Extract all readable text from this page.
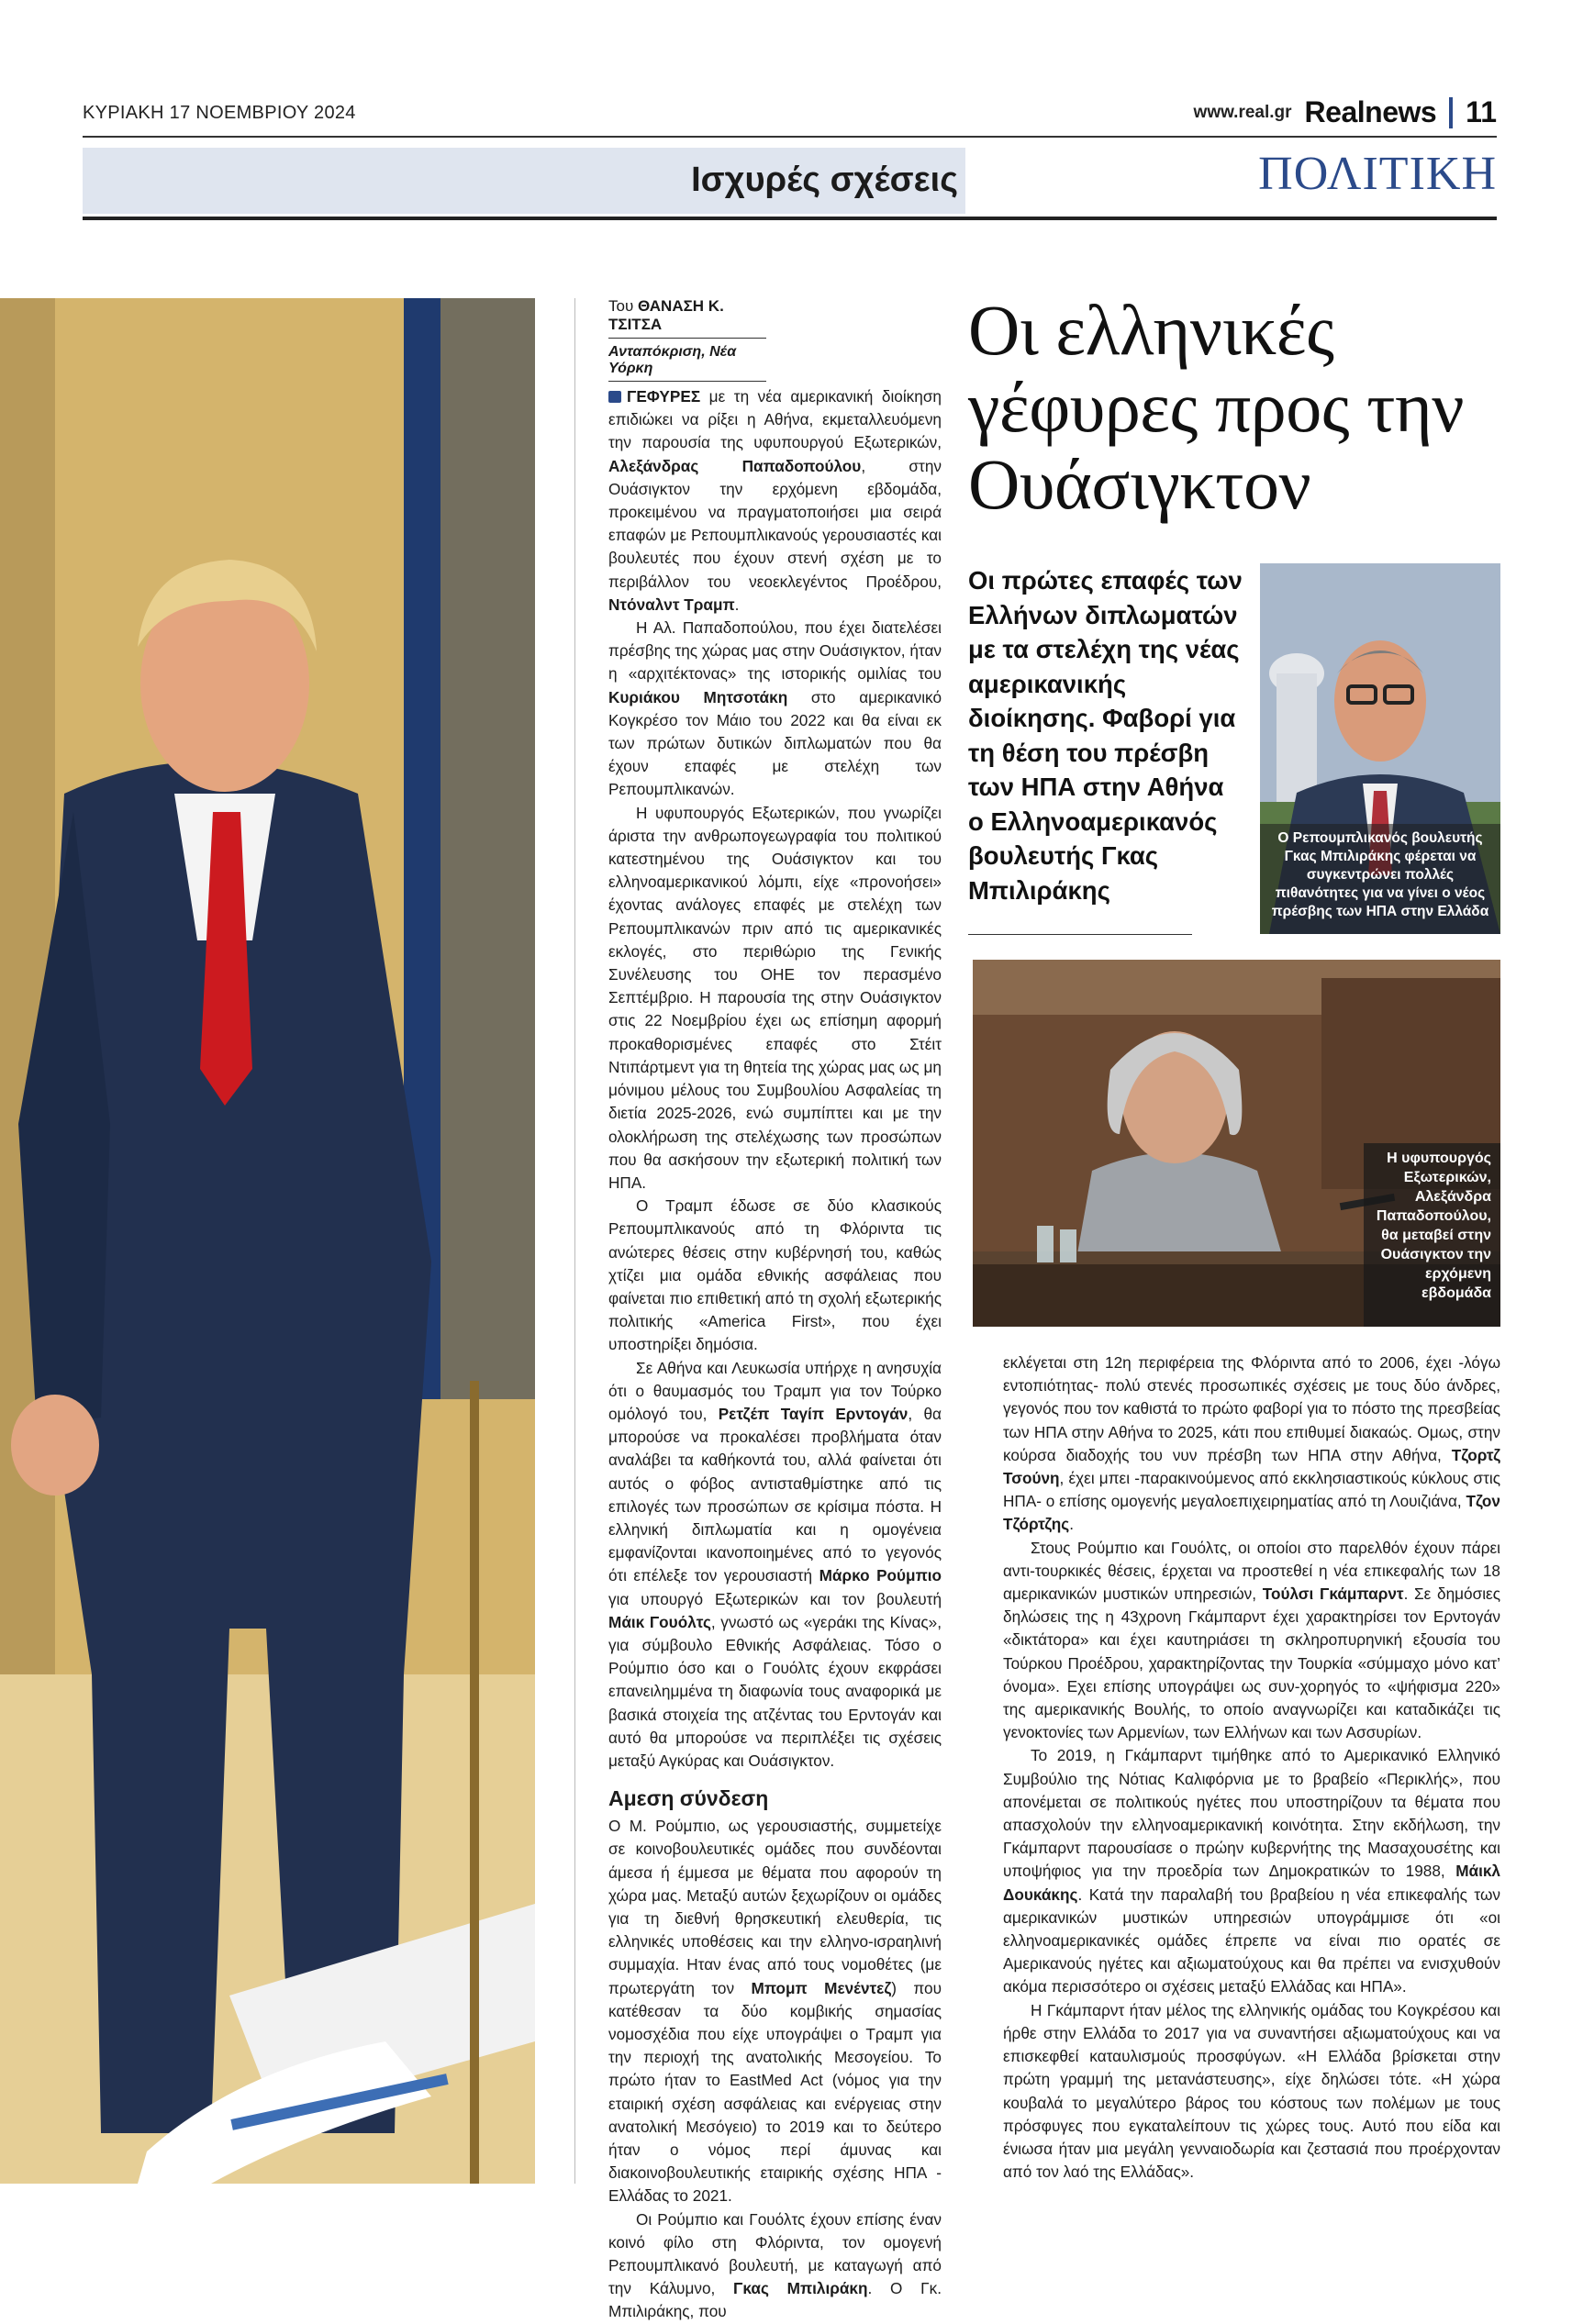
ΚΥΡΙΑΚΗ 17 ΝΟΕΜΒΡΙΟΥ 2024	www.real.gr Realnews 11
Ισχυρές σχέσεις	ΠΟΛΙΤΙΚΗ
Του ΘΑΝΑΣΗ Κ. ΤΣΙΤΣΑ
Ανταπόκριση, Νέα Υόρκη

ΓΕΦΥΡΕΣ με τη νέα αμερικανική διοίκηση επιδιώκει να ρίξει η Αθήνα, εκμεταλλευόμενη την παρουσία της υφυπουργού Εξωτερικών, Αλεξάνδρας Παπαδοπούλου, στην Ουάσιγκτον την ερχόμενη εβδομάδα, προκειμένου να πραγματοποιήσει μια σειρά επαφών με Ρεπουμπλικανούς γερουσιαστές και βουλευτές που έχουν στενή σχέση με το περιβάλλον του νεοεκλεγέντος Προέδρου, Ντόναλντ Τραμπ.

Η Αλ. Παπαδοπούλου, που έχει διατελέσει πρέσβης της χώρας μας στην Ουάσιγκτον, ήταν η «αρχιτέκτονας» της ιστορικής ομιλίας του Κυριάκου Μητσοτάκη στο αμερικανικό Κογκρέσο τον Μάιο του 2022 και θα είναι εκ των πρώτων δυτικών διπλωματών που θα έχουν επαφές με στελέχη των Ρεπουμπλικανών.

Η υφυπουργός Εξωτερικών, που γνωρίζει άριστα την ανθρωπογεωγραφία του πολιτικού κατεστημένου της Ουάσιγκτον και του ελληνοαμερικανικού λόμπι, είχε «προνοήσει» έχοντας ανάλογες επαφές με στελέχη των Ρεπουμπλικανών πριν από τις αμερικανικές εκλογές, στο περιθώριο της Γενικής Συνέλευσης του ΟΗΕ τον περασμένο Σεπτέμβριο. Η παρουσία της στην Ουάσιγκτον στις 22 Νοεμβρίου έχει ως επίσημη αφορμή προκαθορισμένες επαφές στο Στέιτ Ντιπάρτμεντ για τη θητεία της χώρας μας ως μη μόνιμου μέλους του Συμβουλίου Ασφαλείας τη διετία 2025-2026, ενώ συμπίπτει και με την ολοκλήρωση της στελέχωσης των προσώπων που θα ασκήσουν την εξωτερική πολιτική των ΗΠΑ.

Ο Τραμπ έδωσε σε δύο κλασικούς Ρεπουμπλικανούς από τη Φλόριντα τις ανώτερες θέσεις στην κυβέρνησή του, καθώς χτίζει μια ομάδα εθνικής ασφάλειας που φαίνεται πιο επιθετική από τη σχολή εξωτερικής πολιτικής «America First», που έχει υποστηρίξει δημόσια.

Σε Αθήνα και Λευκωσία υπήρχε η ανησυχία ότι ο θαυμασμός του Τραμπ για τον Τούρκο ομόλογό του, Ρετζέπ Ταγίπ Ερντογάν, θα μπορούσε να προκαλέσει προβλήματα όταν αναλάβει τα καθήκοντά του, αλλά φαίνεται ότι αυτός ο φόβος αντισταθμίστηκε από τις επιλογές των προσώπων σε κρίσιμα πόστα. Η ελληνική διπλωματία και η ομογένεια εμφανίζονται ικανοποιημένες από το γεγονός ότι επέλεξε τον γερουσιαστή Μάρκο Ρούμπιο για υπουργό Εξωτερικών και τον βουλευτή Μάικ Γουόλτς, γνωστό ως «γεράκι της Κίνας», για σύμβουλο Εθνικής Ασφάλειας. Τόσο ο Ρούμπιο όσο και ο Γουόλτς έχουν εκφράσει επανειλημμένα τη διαφωνία τους αναφορικά με βασικά στοιχεία της ατζέντας του Ερντογάν και αυτό θα μπορούσε να περιπλέξει τις σχέσεις μεταξύ Αγκύρας και Ουάσιγκτον.

Αμεση σύνδεση

Ο Μ. Ρούμπιο, ως γερουσιαστής, συμμετείχε σε κοινοβουλευτικές ομάδες που συνδέονται άμεσα ή έμμεσα με θέματα που αφορούν τη χώρα μας. Μεταξύ αυτών ξεχωρίζουν οι ομάδες για τη διεθνή θρησκευτική ελευθερία, τις ελληνικές υποθέσεις και την ελληνο-ισραηλινή συμμαχία. Ηταν ένας από τους νομοθέτες (με πρωτεργάτη τον Μπομπ Μενέντεζ) που κατέθεσαν τα δύο κομβικής σημασίας νομοσχέδια που είχε υπογράψει ο Τραμπ για την περιοχή της ανατολικής Μεσογείου. Το πρώτο ήταν το EastMed Act (νόμος για την εταιρική σχέση ασφάλειας και ενέργειας στην ανατολική Μεσόγειο) το 2019 και το δεύτερο ήταν ο νόμος περί άμυνας και διακοινοβουλευτικής εταιρικής σχέσης ΗΠΑ - Ελλάδας το 2021.

Οι Ρούμπιο και Γουόλτς έχουν επίσης έναν κοινό φίλο στη Φλόριντα, τον ομογενή Ρεπουμπλικανό βουλευτή, με καταγωγή από την Κάλυμνο, Γκας Μπιλιράκη. Ο Γκ. Μπιλιράκης, που

Οι ελληνικές γέφυρες προς την Ουάσιγκτον
Οι πρώτες επαφές των Ελλήνων διπλωματών με τα στελέχη της νέας αμερικανικής διοίκησης. Φαβορί για τη θέση του πρέσβη των ΗΠΑ στην Αθήνα ο Ελληνοαμερικανός βουλευτής Γκας Μπιλιράκης
Ο Ρεπουμπλικανός βουλευτής Γκας Μπιλιράκης φέρεται να συγκεντρώνει πολλές πιθανότητες για να γίνει ο νέος πρέσβης των ΗΠΑ στην Ελλάδα
Η υφυπουργός Εξωτερικών, Αλεξάνδρα Παπαδοπούλου, θα μεταβεί στην Ουάσιγκτον την ερχόμενη εβδομάδα

εκλέγεται στη 12η περιφέρεια της Φλόριντα από το 2006, έχει -λόγω εντοπιότητας- πολύ στενές προσωπικές σχέσεις με τους δύο άνδρες, γεγονός που τον καθιστά το πρώτο φαβορί για το πόστο της πρεσβείας των ΗΠΑ στην Αθήνα το 2025, κάτι που επιθυμεί διακαώς. Ομως, στην κούρσα διαδοχής του νυν πρέσβη των ΗΠΑ στην Αθήνα, Τζορτζ Τσούνη, έχει μπει -παρακινούμενος από εκκλησιαστικούς κύκλους στις ΗΠΑ- ο επίσης ομογενής μεγαλοεπιχειρηματίας από τη Λουιζιάνα, Τζον Τζόρτζης.

Στους Ρούμπιο και Γουόλτς, οι οποίοι στο παρελθόν έχουν πάρει αντι-τουρκικές θέσεις, έρχεται να προστεθεί η νέα επικεφαλής των 18 αμερικανικών μυστικών υπηρεσιών, Τούλσι Γκάμπαρντ. Σε δημόσιες δηλώσεις της η 43χρονη Γκάμπαρντ έχει χαρακτηρίσει τον Ερντογάν «δικτάτορα» και έχει καυτηριάσει τη σκληροπυρηνική εξουσία του Τούρκου Προέδρου, χαρακτηρίζοντας την Τουρκία «σύμμαχο μόνο κατ’ όνομα». Εχει επίσης υπογράψει ως συν-χορηγός το «ψήφισμα 220» της αμερικανικής Βουλής, το οποίο αναγνωρίζει και καταδικάζει τις γενοκτονίες των Αρμενίων, των Ελλήνων και των Ασσυρίων.

Το 2019, η Γκάμπαρντ τιμήθηκε από το Αμερικανικό Ελληνικό Συμβούλιο της Νότιας Καλιφόρνια με το βραβείο «Περικλής», που απονέμεται σε πολιτικούς ηγέτες που υποστηρίζουν τα θέματα που απασχολούν την ελληνοαμερικανική κοινότητα. Στην εκδήλωση, την Γκάμπαρντ παρουσίασε ο πρώην κυβερνήτης της Μασαχουσέτης και υποψήφιος για την προεδρία των Δημοκρατικών το 1988, Μάικλ Δουκάκης. Κατά την παραλαβή του βραβείου η νέα επικεφαλής των αμερικανικών μυστικών υπηρεσιών υπογράμμισε ότι «οι ελληνοαμερικανικές ομάδες έπρεπε να είναι πιο ορατές σε Αμερικανούς ηγέτες και αξιωματούχους και θα πρέπει να ενισχυθούν ακόμα περισσότερο οι σχέσεις μεταξύ Ελλάδας και ΗΠΑ».

Η Γκάμπαρντ ήταν μέλος της ελληνικής ομάδας του Κογκρέσου και ήρθε στην Ελλάδα το 2017 για να συναντήσει αξιωματούχους και να επισκεφθεί καταυλισμούς προσφύγων. «Η Ελλάδα βρίσκεται στην πρώτη γραμμή της μετανάστευσης», είχε δηλώσει τότε. «Η χώρα κουβαλά το μεγαλύτερο βάρος του κόστους των πολέμων με τους πρόσφυγες που εγκαταλείπουν τις χώρες τους. Αυτό που είδα και ένιωσα ήταν μια μεγάλη γενναιοδωρία και ζεστασιά που προέρχονταν από τον λαό της Ελλάδας».
